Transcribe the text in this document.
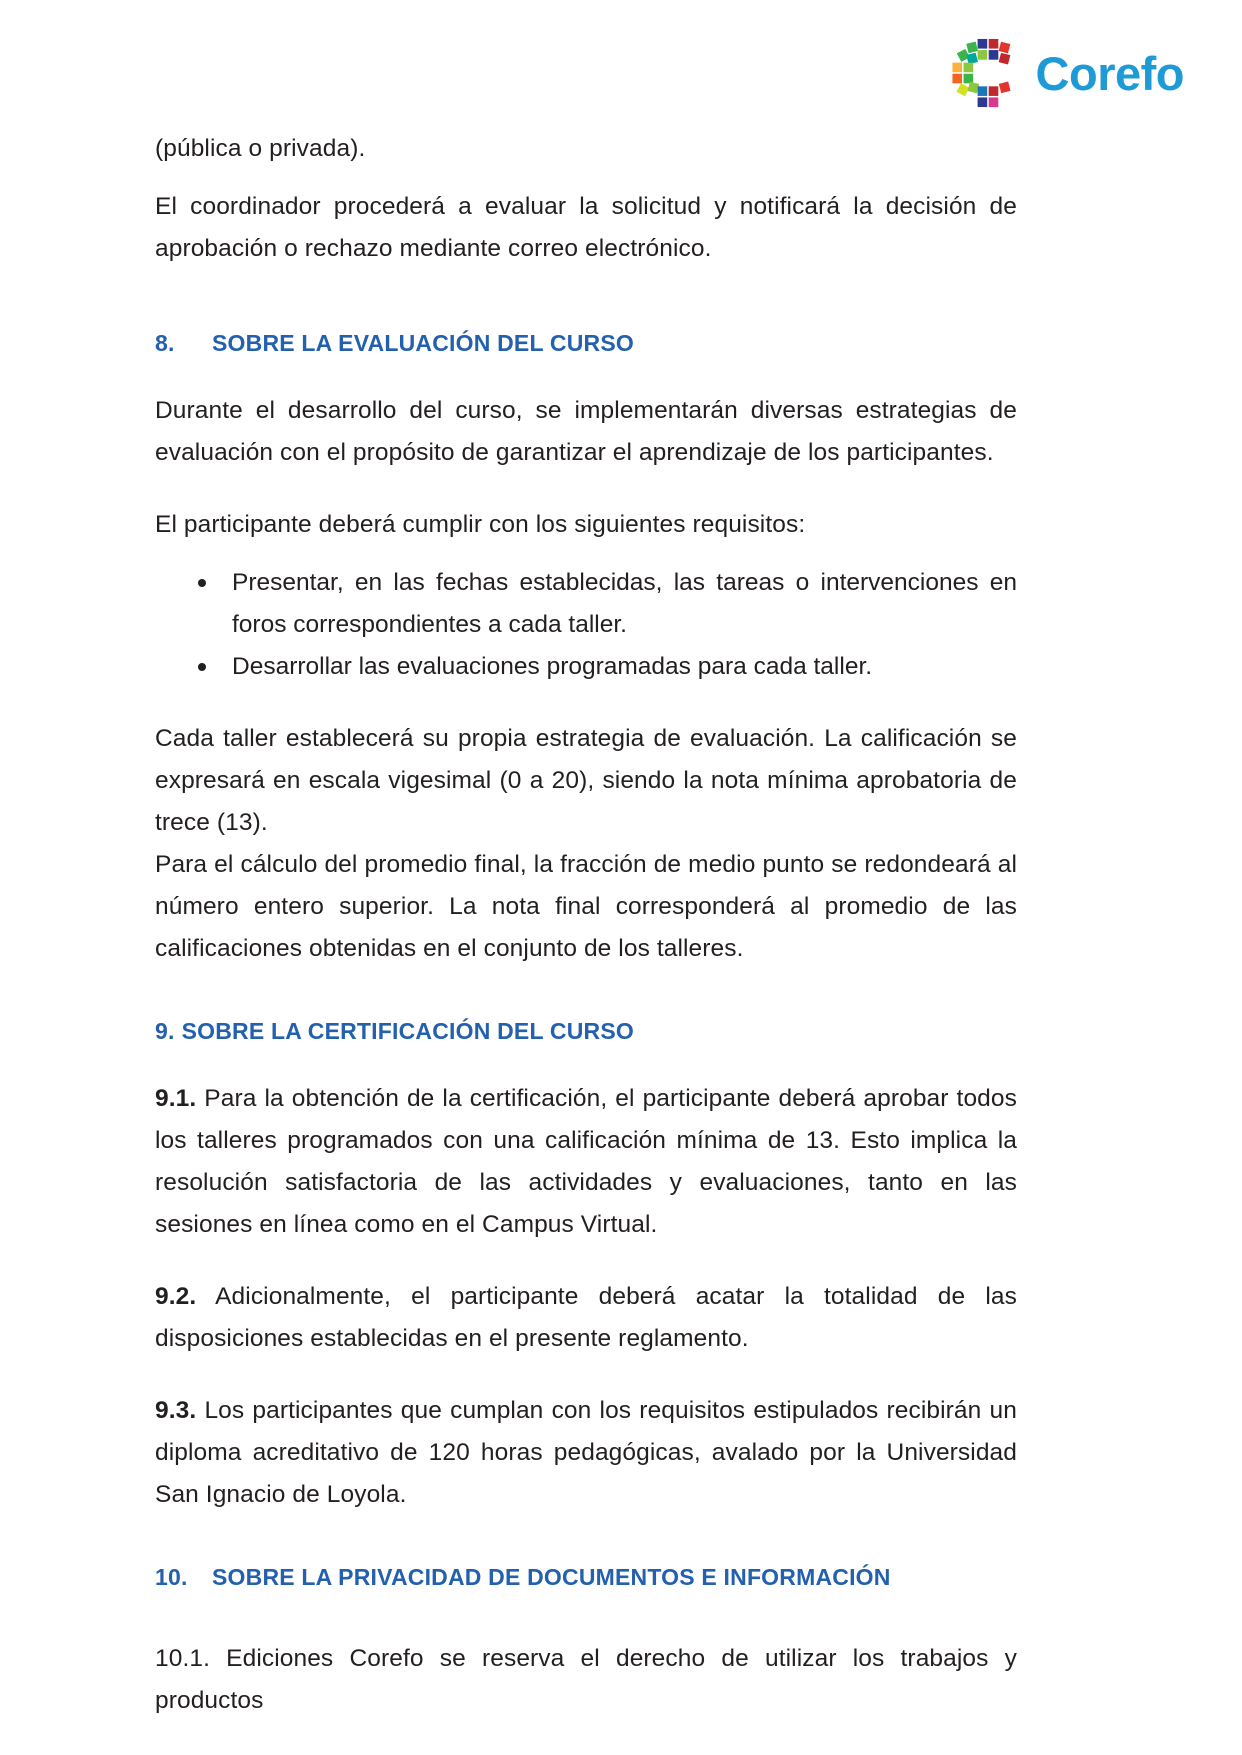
Corefo

(pública o privada).

El coordinador procederá a evaluar la solicitud y notificará la decisión de aprobación o rechazo mediante correo electrónico.

8. SOBRE LA EVALUACIÓN DEL CURSO

Durante el desarrollo del curso, se implementarán diversas estrategias de evaluación con el propósito de garantizar el aprendizaje de los participantes.

El participante deberá cumplir con los siguientes requisitos:

Presentar, en las fechas establecidas, las tareas o intervenciones en foros correspondientes a cada taller.
Desarrollar las evaluaciones programadas para cada taller.

Cada taller establecerá su propia estrategia de evaluación. La calificación se expresará en escala vigesimal (0 a 20), siendo la nota mínima aprobatoria de trece (13).

Para el cálculo del promedio final, la fracción de medio punto se redondeará al número entero superior. La nota final corresponderá al promedio de las calificaciones obtenidas en el conjunto de los talleres.

9. SOBRE LA CERTIFICACIÓN DEL CURSO

9.1. Para la obtención de la certificación, el participante deberá aprobar todos los talleres programados con una calificación mínima de 13. Esto implica la resolución satisfactoria de las actividades y evaluaciones, tanto en las sesiones en línea como en el Campus Virtual.

9.2. Adicionalmente, el participante deberá acatar la totalidad de las disposiciones establecidas en el presente reglamento.

9.3. Los participantes que cumplan con los requisitos estipulados recibirán un diploma acreditativo de 120 horas pedagógicas, avalado por la Universidad San Ignacio de Loyola.

10. SOBRE LA PRIVACIDAD DE DOCUMENTOS E INFORMACIÓN

10.1. Ediciones Corefo se reserva el derecho de utilizar los trabajos y productos
